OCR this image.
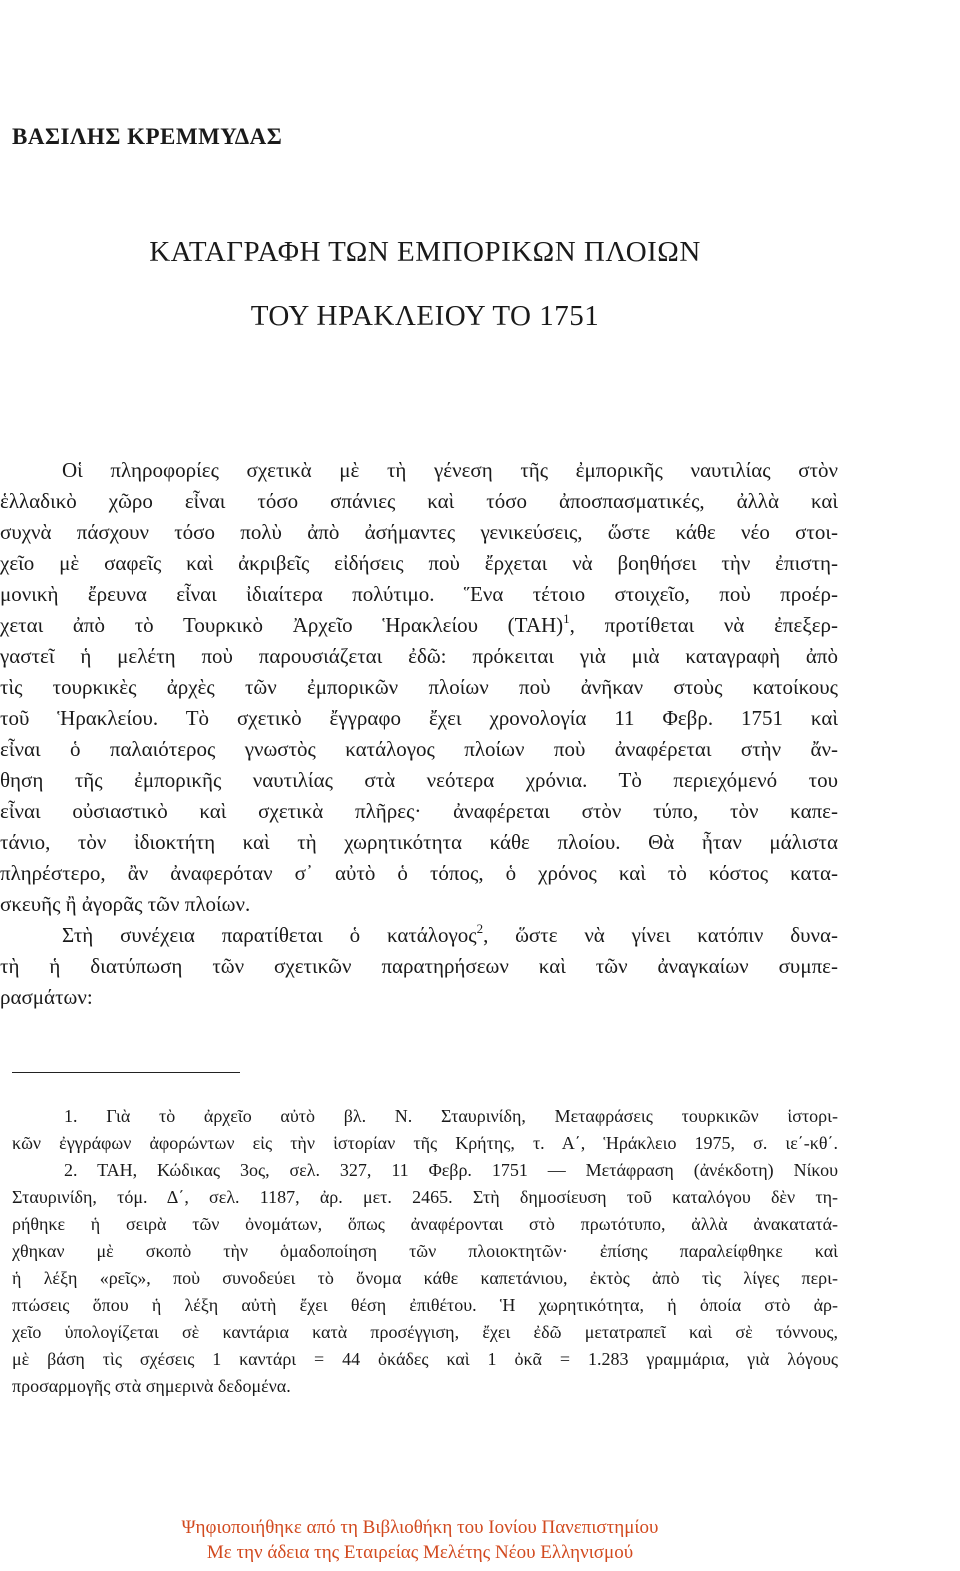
ΒΑΣΙΛΗΣ ΚΡΕΜΜΥΔΑΣ
ΚΑΤΑΓΡΑΦΗ ΤΩΝ ΕΜΠΟΡΙΚΩΝ ΠΛΟΙΩΝ
ΤΟΥ ΗΡΑΚΛΕΙΟΥ ΤΟ 1751
Οἱ πληροφορίες σχετικὰ μὲ τὴ γένεση τῆς ἐμπορικῆς ναυτιλίας στὸν
ἑλλαδικὸ χῶρο εἶναι τόσο σπάνιες καὶ τόσο ἀποσπασματικές, ἀλλὰ καὶ
συχνὰ πάσχουν τόσο πολὺ ἀπὸ ἀσήμαντες γενικεύσεις, ὥστε κάθε νέο στοι-
χεῖο μὲ σαφεῖς καὶ ἀκριβεῖς εἰδήσεις ποὺ ἔρχεται νὰ βοηθήσει τὴν ἐπιστη-
μονικὴ ἔρευνα εἶναι ἰδιαίτερα πολύτιμο. Ἕνα τέτοιο στοιχεῖο, ποὺ προέρ-
χεται ἀπὸ τὸ Τουρκικὸ Ἀρχεῖο Ἡρακλείου $(TAH)^1$, προτίθεται νὰ ἐπεξερ-
γαστεῖ ἡ μελέτη ποὺ παρουσιάζεται ἐδῶ: πρόκειται γιὰ μιὰ καταγραφὴ ἀπὸ
τὶς τουρκικὲς ἀρχὲς τῶν ἐμπορικῶν πλοίων ποὺ ἀνῆκαν στοὺς κατοίκους
τοῦ Ἡρακλείου. Τὸ σχετικὸ ἔγγραφο ἔχει χρονολογία 11 Φεβρ. 1751 καὶ
εἶναι ὁ παλαιότερος γνωστὸς κατάλογος πλοίων ποὺ ἀναφέρεται στὴν ἄν-
θηση τῆς ἐμπορικῆς ναυτιλίας στὰ νεότερα χρόνια. Τὸ περιεχόμενό του
εἶναι οὐσιαστικὸ καὶ σχετικὰ πλῆρες· ἀναφέρεται στὸν τύπο, τὸν καπε-
τάνιο, τὸν ἰδιοκτήτη καὶ τὴ χωρητικότητα κάθε πλοίου. Θὰ ἦταν μάλιστα
πληρέστερο, ἂν ἀναφερόταν σ᾿ αὐτὸ ὁ τόπος, ὁ χρόνος καὶ τὸ κόστος κατα-
σκευῆς ἢ ἀγορᾶς τῶν πλοίων.
Στὴ συνέχεια παρατίθεται ὁ κατάλογος$^2$, ὥστε νὰ γίνει κατόπιν δυνα-
τὴ ἡ διατύπωση τῶν σχετικῶν παρατηρήσεων καὶ τῶν ἀναγκαίων συμπε-
ρασμάτων:
1. Γιὰ τὸ ἀρχεῖο αὐτὸ βλ. Ν. Σταυρινίδη, Μεταφράσεις τουρκικῶν ἱστορι-
κῶν ἐγγράφων ἀφορώντων εἰς τὴν ἱστορίαν τῆς Κρήτης, τ. Α΄, Ἡράκλειο 1975, σ. ιε΄-κθ΄.
2. ΤΑΗ, Κώδικας 3ος, σελ. 327, 11 Φεβρ. 1751 — Μετάφραση (ἀνέκδοτη) Νίκου
Σταυρινίδη, τόμ. Δ΄, σελ. 1187, ἀρ. μετ. 2465. Στὴ δημοσίευση τοῦ καταλόγου δὲν τη-
ρήθηκε ἡ σειρὰ τῶν ὀνομάτων, ὅπως ἀναφέρονται στὸ πρωτότυπο, ἀλλὰ ἀνακατατά-
χθηκαν μὲ σκοπὸ τὴν ὁμαδοποίηση τῶν πλοιοκτητῶν· ἐπίσης παραλείφθηκε καὶ
ἡ λέξη «ρεῖς», ποὺ συνοδεύει τὸ ὄνομα κάθε καπετάνιου, ἐκτὸς ἀπὸ τὶς λίγες περι-
πτώσεις ὅπου ἡ λέξη αὐτὴ ἔχει θέση ἐπιθέτου. Ἡ χωρητικότητα, ἡ ὁποία στὸ ἀρ-
χεῖο ὑπολογίζεται σὲ καντάρια κατὰ προσέγγιση, ἔχει ἐδῶ μετατραπεῖ καὶ σὲ τόννους,
μὲ βάση τὶς σχέσεις 1 καντάρι = 44 ὀκάδες καὶ 1 ὀκᾶ = 1.283 γραμμάρια, γιὰ λόγους
προσαρμογῆς στὰ σημερινὰ δεδομένα.
Ψηφιοποιήθηκε από τη Βιβλιοθήκη του Ιονίου Πανεπιστημίου
Με την άδεια της Εταιρείας Μελέτης Νέου Ελληνισμού
